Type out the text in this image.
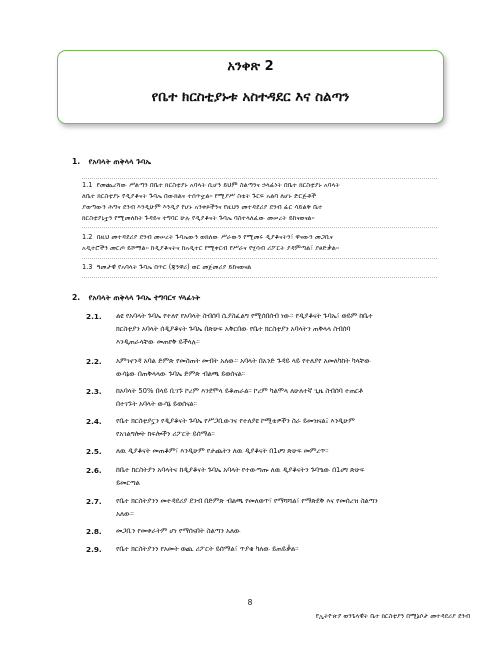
አንቀጽ 2
የቤተ ክርስቲያኑቱ አስተዳደር እና ስልጣን
1. የአባላት ጠቅላላ ጉባኤ
1.1 የመጨረሻው ሥልጣን በቤተ ክርስቲያኑ አባላት ሲሆን ይህም ስልጣንና ኃላፊነት በቤተ ክርስቲያኑ አባላት
ለቤተ ክርስቲያኑ የዲያቆናት ጉባኤ በውክልና ተሰጥቷል። የሚያሥ ስቴት ጉርፍ አልባ ለሆኑ ድርጅቶች
ያወጣውን ሕግና ደንብ እንዲሁም እንዲያ የሆኑ አንቀጾችንና የዚህን መተዳደሪያ ደንብ ፊር ሳይልቅ ቤተ
ክርስቲያኒቷን የሚመለከት ጉዳይና ተግባር ሁሉ የዲያቆናት ጉባኤ ባስተላለፈው መሠረት ይከናወናል።
1.2 በዚህ መተዳደሪያ ደንብ መሠረት ጉባኤውን ወክለው ሥራውን የሚመሩ ዲያቆናትን፣ ዋናውን መጋቢና
አዲተሮችን መርጦ ይሾማል። ከዲያቆናትና ከአዲተር የሚቀርብ የሥራና የሂሳብ ሪፖርት ያዳምጣል፣ ያፀድቃል።
1.3 ዓመታዊ የአባላት ጉባኤ በጥር (ጃንዋሪ) ወር መጀመሪያ ይከናወናል
2. የአባላት ጠቅላላ ጉባኤ ተግባርና ሃላፊነት
2.1. ልዩ የአባላት ጉባኤ የተለየ የአባላት ስብሰባ ሲያስፈልግ የሚሰበሰብ ነው። የዲያቆናት ጉባኤ፣ ወይም ከቤተ
ክርስቲያን አባላት ሰዲያቆናት ጉባኤ በጽሁፍ አቅርበው የቤተ ክርስቲያን አባላትን ጠቅላላ ስብሰባ
እንዲጠራላቸው መጠየቅ ይችላሉ።
2.2. አምገኖንዳ አባል ድምጽ የመስጠት መብት አለው። አባላት በአንድ ጉዳይ ላይ የተለያየ አመለካከት ካላቸው
ውሳኔው በጠቅላላው ጉባኤ ድምጽ ብልጫ ይወሰናል።
2.3. ከአባላት 50% በላይ ቢገኙ ኮረም እንደሞላ ይቆጠራል። ኮረም ካልሞላ ለሁለተኛ ጊዜ ስብሰባ ተጠርቶ
በተገኙት አባላት ውሳኔ ይወሰናል።
2.4. የቤተ ክርስቲያኗን የዲያቆናት ጉባኤ የሥጋቢውንና የተለያዩ ኮሚቴዎችን ስራ ይመዝናል፤ እንዲሁም
የአገልግሎት ክፍሎችን ሪፖርት ይሰማል።
2.5. ለዉ ዲያቆናት መጠቆም፣ እንዲሁም የታጨትን ለዉ ዲያቆናት በ1ሀግ ጽሁፍ መምረጥ።
2.6. ከቤተ ክርስትያን አባላትና ከዲያቆናት ጉባኤ አባላት የተውጣጡ ለዉ ዲያቆናትን ጉባዔው በ1ሀግ ጽሁፍ
ይመርጣል
2.7. የቤተ ክርስትያንን መተዳደሪያ ደንብ በድምጽ ብልጫ የመለወጥ፣ የማሻሻል፣ የማጽደቅ እና የመሰረዝ ስልጣን
አለው።
2.8. መጋቢን የመቀራትም ሆነ የማሰናበት ስልጣን አለው
2.9. የቤተ ክርስትያንን የአመት ወጪ ሪፖርት ይሰማል፣ ጥያቄ ካለው ይጠይቃል።
8
የኢትዮጵያ ወንጌላዊት ቤተ ክርስቲያን በሚኔሶታ መተዳደሪያ ደንብ
